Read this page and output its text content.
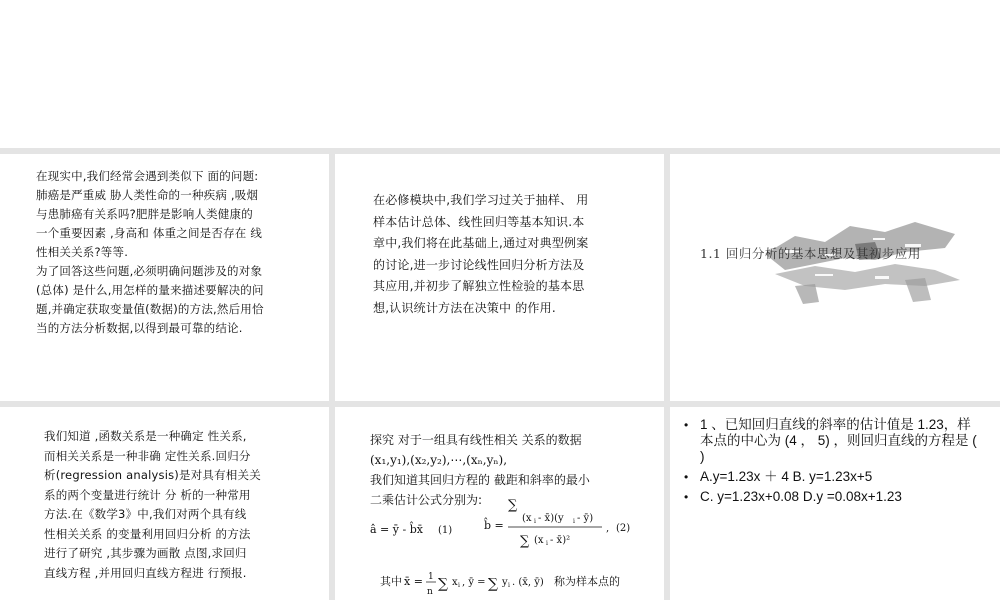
在现实中,我们经常会遇到类似下 面的问题:

肺癌是严重威 胁人类性命的一种疾病 ,吸烟

与患肺癌有关系吗?肥胖是影响人类健康的

一个重要因素 ,身高和 体重之间是否存在 线

性相关关系?等等.

为了回答这些问题,必须明确问题涉及的对象

(总体) 是什么,用怎样的量来描述要解决的问

题,并确定获取变量值(数据)的方法,然后用恰

当的方法分析数据,以得到最可靠的结论.

在必修模块中,我们学习过关于抽样、 用

样本估计总体、线性回归等基本知识.本

章中,我们将在此基础上,通过对典型例案

的讨论,进一步讨论线性回归分析方法及

其应用,并初步了解独立性检验的基本思

想,认识统计方法在决策中 的作用.

1.1 回归分析的基本思想及其初步应用

我们知道 ,函数关系是一种确定 性关系,

而相关关系是一种非确 定性关系.回归分

析(regression analysis)是对具有相关关

系的两个变量进行统计 分 析的一种常用

方法.在《数学3》中,我们对两个具有线

性相关关系 的变量利用回归分析 的方法

进行了研究 ,其步骤为画散 点图,求回归

直线方程 ,并用回归直线方程进 行预报.

探究 对于一组具有线性相关 关系的数据
(x₁,y₁),(x₂,y₂),⋯,(xₙ,yₙ),
我们知道其回归方程的 截距和斜率的最小
二乘估计公式分别为:
â = ȳ - b̂x̄ (1)	b̂ =
∑
(x i - x̄)(y i - ȳ)
∑ (x i - x̄)²
, (2)
其中 x̄ = 1
n ∑ x i , ȳ = ∑ y i . (x̄, ȳ) 称为样本点的
• 1 、已知回归直线的斜率的估计值是 1.23，样本点的中心为 (4 ， 5) ，则回归直线的方程是 ( )
• A.y=1.23x ＋ 4 B. y=1.23x+5
• C. y=1.23x+0.08 D.y =0.08x+1.23
